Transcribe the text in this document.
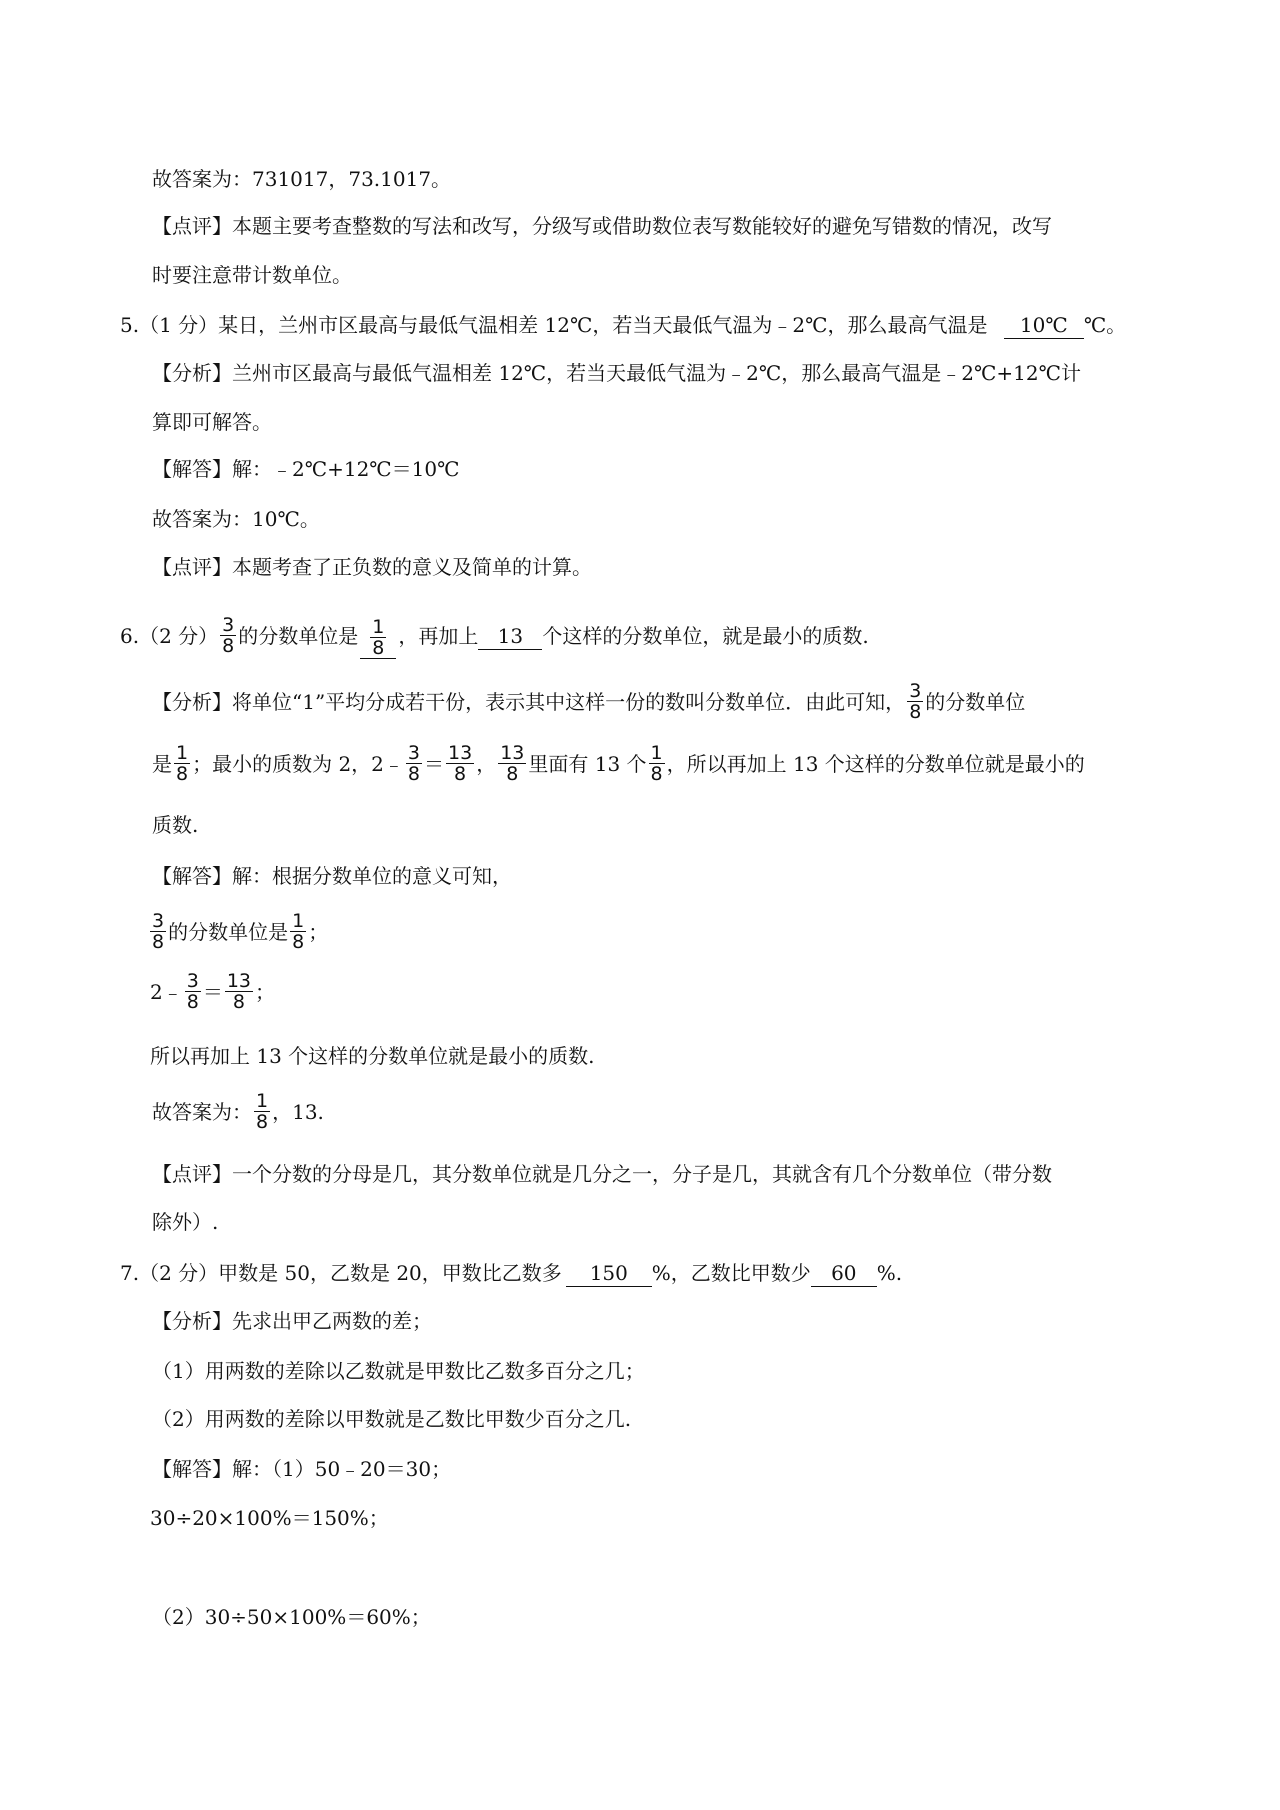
故答案为：731017，73.1017。
【点评】本题主要考查整数的写法和改写，分级写或借助数位表写数能较好的避免写错数的情况，改写
时要注意带计数单位。
5.（1 分）某日，兰州市区最高与最低气温相差 12℃，若当天最低气温为﹣2℃，那么最高气温是 10℃ ℃。
【分析】兰州市区最高与最低气温相差 12℃，若当天最低气温为﹣2℃，那么最高气温是﹣2℃+12℃计
算即可解答。
【解答】解：﹣2℃+12℃＝10℃
故答案为：10℃。
【点评】本题考查了正负数的意义及简单的计算。
6.（2 分） $\frac{3}{8}$ 的分数单位是 $\frac{1}{8}$ ，再加上 13 个这样的分数单位，就是最小的质数.
【分析】将单位“1”平均分成若干份，表示其中这样一份的数叫分数单位．由此可知， $\frac{3}{8}$ 的分数单位
是 $\frac{1}{8}$ ；最小的质数为 2，2﹣ $\frac{3}{8} = \frac{13}{8}$ ， $\frac{13}{8}$ 里面有 13 个 $\frac{1}{8}$ ，所以再加上 13 个这样的分数单位就是最小的
质数.
【解答】解：根据分数单位的意义可知，
$\frac{3}{8}$ 的分数单位是 $\frac{1}{8}$ ；
2﹣ $\frac{3}{8} = \frac{13}{8}$ ；
所以再加上 13 个这样的分数单位就是最小的质数.
故答案为： $\frac{1}{8}$ ，13.
【点评】一个分数的分母是几，其分数单位就是几分之一，分子是几，其就含有几个分数单位（带分数
除外）.
7.（2 分）甲数是 50，乙数是 20，甲数比乙数多 150 %，乙数比甲数少 60 %.
【分析】先求出甲乙两数的差；
（1）用两数的差除以乙数就是甲数比乙数多百分之几；
（2）用两数的差除以甲数就是乙数比甲数少百分之几.
【解答】解：（1）50﹣20＝30；
30÷20×100%＝150%；
（2）30÷50×100%＝60%；
